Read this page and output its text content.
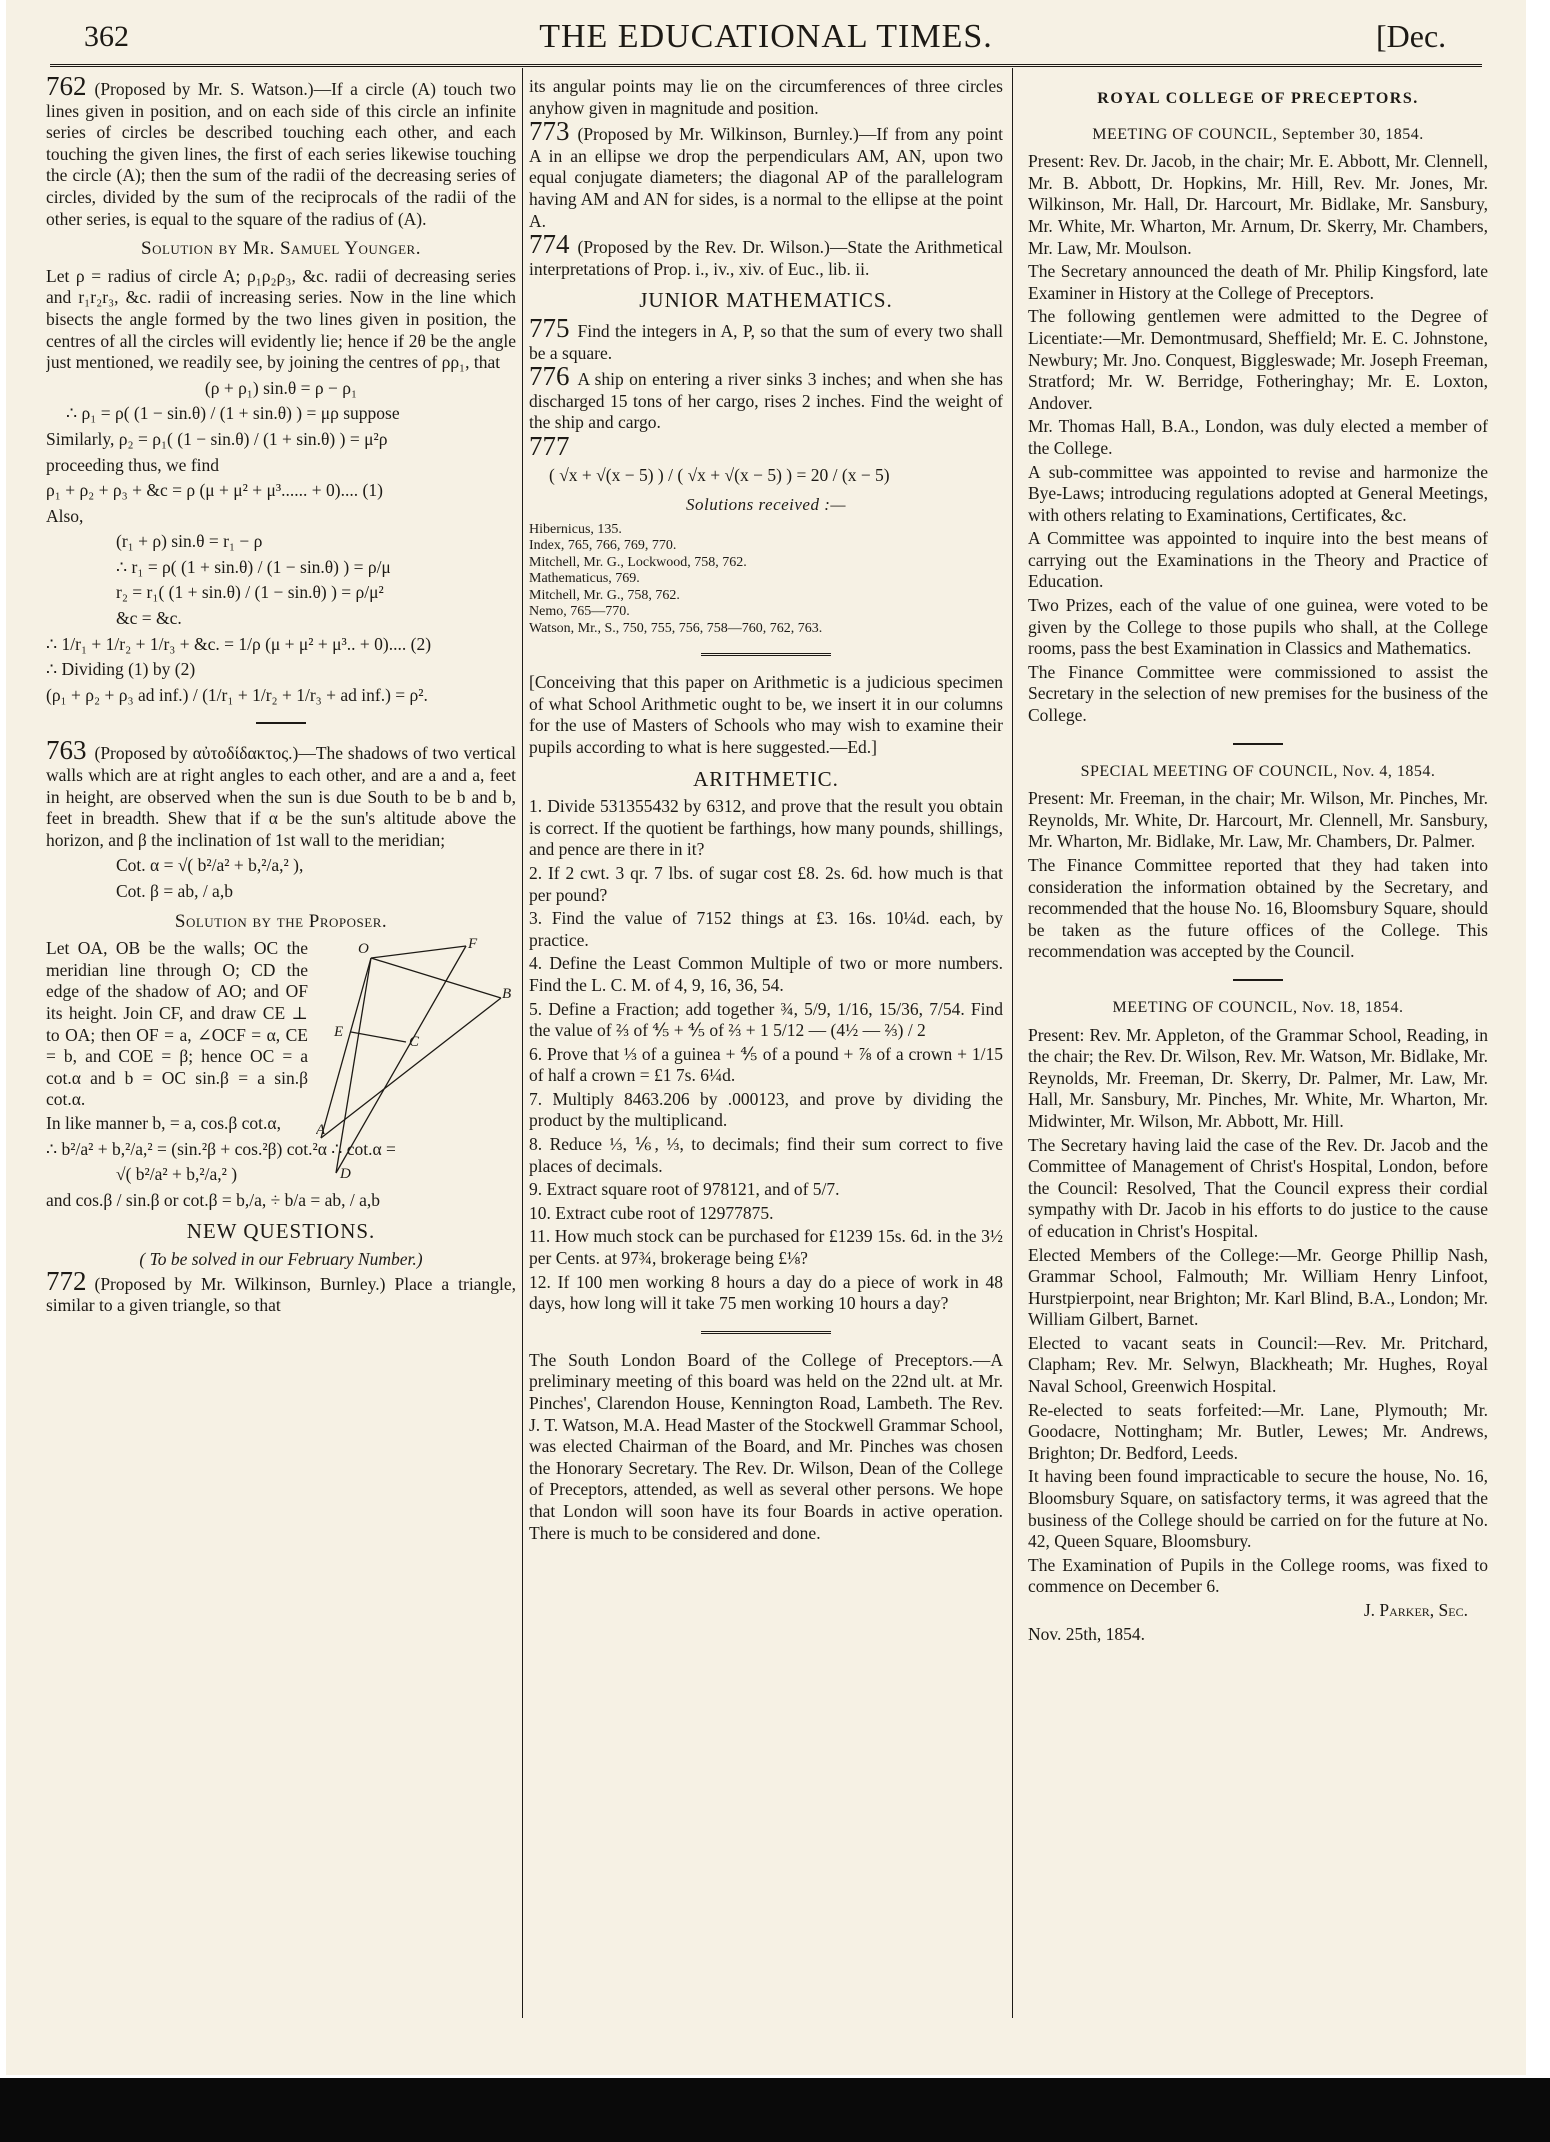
362	THE EDUCATIONAL TIMES.	[Dec.

762 (Proposed by Mr. S. Watson.)—If a circle (A) touch two lines given in position, and on each side of this circle an infinite series of circles be described touching each other, and each touching the given lines, the first of each series likewise touching the circle (A); then the sum of the radii of the decreasing series of circles, divided by the sum of the reciprocals of the radii of the other series, is equal to the square of the radius of (A).

Solution by Mr. Samuel Younger.

Let ρ = radius of circle A; ρ₁ρ₂ρ₃, &c. radii of decreasing series and r₁r₂r₃, &c. radii of increasing series. Now in the line which bisects the angle formed by the two lines given in position, the centres of all the circles will evidently lie; hence if 2θ be the angle just mentioned, we readily see, by joining the centres of ρρ₁, that

(ρ + ρ₁) sin.θ = ρ − ρ₁
∴ ρ₁ = ρ( (1 − sin.θ) / (1 + sin.θ) ) = μρ suppose
Similarly, ρ₂ = ρ₁( (1 − sin.θ) / (1 + sin.θ) ) = μ²ρ

proceeding thus, we find

ρ₁ + ρ₂ + ρ₃ + &c = ρ (μ + μ² + μ³...... + 0).... (1)

Also,

(r₁ + ρ) sin.θ = r₁ − ρ
∴ r₁ = ρ( (1 + sin.θ) / (1 − sin.θ) ) = ρ/μ
r₂ = r₁( (1 + sin.θ) / (1 − sin.θ) ) = ρ/μ²
&c = &c.
∴ 1/r₁ + 1/r₂ + 1/r₃ + &c. = 1/ρ (μ + μ² + μ³.. + 0).... (2)
∴ Dividing (1) by (2)
(ρ₁ + ρ₂ + ρ₃ ad inf.) / (1/r₁ + 1/r₂ + 1/r₃ + ad inf.) = ρ².

763 (Proposed by αὐτοδίδακτος.)—The shadows of two vertical walls which are at right angles to each other, and are a and a, feet in height, are observed when the sun is due South to be b and b, feet in breadth. Shew that if α be the sun's altitude above the horizon, and β the inclination of 1st wall to the meridian;

Cot. α = √( b²/a² + b,²/a,² ),
Cot. β = ab, / a,b
Solution by the Proposer.
O	F
B
E
C
A
D

Let OA, OB be the walls; OC the meridian line through O; CD the edge of the shadow of AO; and OF its height. Join CF, and draw CE ⊥ to OA; then OF = a, ∠OCF = α, CE = b, and COE = β; hence OC = a cot.α and b = OC sin.β = a sin.β cot.α.

In like manner b, = a, cos.β cot.α,

∴ b²/a² + b,²/a,² = (sin.²β + cos.²β) cot.²α ∴ cot.α =
√( b²/a² + b,²/a,² )
and cos.β / sin.β or cot.β = b,/a, ÷ b/a = ab, / a,b
NEW QUESTIONS.
( To be solved in our February Number.)

772 (Proposed by Mr. Wilkinson, Burnley.) Place a triangle, similar to a given triangle, so that

its angular points may lie on the circumferences of three circles anyhow given in magnitude and position.

773 (Proposed by Mr. Wilkinson, Burnley.)—If from any point A in an ellipse we drop the perpendiculars AM, AN, upon two equal conjugate diameters; the diagonal AP of the parallelogram having AM and AN for sides, is a normal to the ellipse at the point A.

774 (Proposed by the Rev. Dr. Wilson.)—State the Arithmetical interpretations of Prop. i., iv., xiv. of Euc., lib. ii.

JUNIOR MATHEMATICS.

775 Find the integers in A, P, so that the sum of every two shall be a square.

776 A ship on entering a river sinks 3 inches; and when she has discharged 15 tons of her cargo, rises 2 inches. Find the weight of the ship and cargo.

777

( √x + √(x − 5) ) / ( √x + √(x − 5) ) = 20 / (x − 5)
Solutions received :—
Hibernicus, 135.
Index, 765, 766, 769, 770.
Mitchell, Mr. G., Lockwood, 758, 762.
Mathematicus, 769.
Mitchell, Mr. G., 758, 762.
Nemo, 765—770.
Watson, Mr., S., 750, 755, 756, 758—760, 762, 763.

[Conceiving that this paper on Arithmetic is a judicious specimen of what School Arithmetic ought to be, we insert it in our columns for the use of Masters of Schools who may wish to examine their pupils according to what is here suggested.—Ed.]

ARITHMETIC.

1. Divide 531355432 by 6312, and prove that the result you obtain is correct. If the quotient be farthings, how many pounds, shillings, and pence are there in it?

2. If 2 cwt. 3 qr. 7 lbs. of sugar cost £8. 2s. 6d. how much is that per pound?

3. Find the value of 7152 things at £3. 16s. 10¼d. each, by practice.

4. Define the Least Common Multiple of two or more numbers. Find the L. C. M. of 4, 9, 16, 36, 54.

5. Define a Fraction; add together ¾, 5/9, 1/16, 15/36, 7/54. Find the value of ⅔ of ⅘ + ⅘ of ⅔ + 1 5/12 — (4½ — ⅔) / 2

6. Prove that ⅓ of a guinea + ⅘ of a pound + ⅞ of a crown + 1/15 of half a crown = £1 7s. 6¼d.

7. Multiply 8463.206 by .000123, and prove by dividing the product by the multiplicand.

8. Reduce ⅓, ⅙, ⅓, to decimals; find their sum correct to five places of decimals.

9. Extract square root of 978121, and of 5/7.

10. Extract cube root of 12977875.

11. How much stock can be purchased for £1239 15s. 6d. in the 3½ per Cents. at 97¾, brokerage being £⅛?

12. If 100 men working 8 hours a day do a piece of work in 48 days, how long will it take 75 men working 10 hours a day?

The South London Board of the College of Preceptors.—A preliminary meeting of this board was held on the 22nd ult. at Mr. Pinches', Clarendon House, Kennington Road, Lambeth. The Rev. J. T. Watson, M.A. Head Master of the Stockwell Grammar School, was elected Chairman of the Board, and Mr. Pinches was chosen the Honorary Secretary. The Rev. Dr. Wilson, Dean of the College of Preceptors, attended, as well as several other persons. We hope that London will soon have its four Boards in active operation. There is much to be considered and done.

ROYAL COLLEGE OF PRECEPTORS.
MEETING OF COUNCIL, September 30, 1854.

Present: Rev. Dr. Jacob, in the chair; Mr. E. Abbott, Mr. Clennell, Mr. B. Abbott, Dr. Hopkins, Mr. Hill, Rev. Mr. Jones, Mr. Wilkinson, Mr. Hall, Dr. Harcourt, Mr. Bidlake, Mr. Sansbury, Mr. White, Mr. Wharton, Mr. Arnum, Dr. Skerry, Mr. Chambers, Mr. Law, Mr. Moulson.

The Secretary announced the death of Mr. Philip Kingsford, late Examiner in History at the College of Preceptors.

The following gentlemen were admitted to the Degree of Licentiate:—Mr. Demontmusard, Sheffield; Mr. E. C. Johnstone, Newbury; Mr. Jno. Conquest, Biggleswade; Mr. Joseph Freeman, Stratford; Mr. W. Berridge, Fotheringhay; Mr. E. Loxton, Andover.

Mr. Thomas Hall, B.A., London, was duly elected a member of the College.

A sub-committee was appointed to revise and harmonize the Bye-Laws; introducing regulations adopted at General Meetings, with others relating to Examinations, Certificates, &c.

A Committee was appointed to inquire into the best means of carrying out the Examinations in the Theory and Practice of Education.

Two Prizes, each of the value of one guinea, were voted to be given by the College to those pupils who shall, at the College rooms, pass the best Examination in Classics and Mathematics.

The Finance Committee were commissioned to assist the Secretary in the selection of new premises for the business of the College.

SPECIAL MEETING OF COUNCIL, Nov. 4, 1854.

Present: Mr. Freeman, in the chair; Mr. Wilson, Mr. Pinches, Mr. Reynolds, Mr. White, Dr. Harcourt, Mr. Clennell, Mr. Sansbury, Mr. Wharton, Mr. Bidlake, Mr. Law, Mr. Chambers, Dr. Palmer.

The Finance Committee reported that they had taken into consideration the information obtained by the Secretary, and recommended that the house No. 16, Bloomsbury Square, should be taken as the future offices of the College. This recommendation was accepted by the Council.

MEETING OF COUNCIL, Nov. 18, 1854.

Present: Rev. Mr. Appleton, of the Grammar School, Reading, in the chair; the Rev. Dr. Wilson, Rev. Mr. Watson, Mr. Bidlake, Mr. Reynolds, Mr. Freeman, Dr. Skerry, Dr. Palmer, Mr. Law, Mr. Hall, Mr. Sansbury, Mr. Pinches, Mr. White, Mr. Wharton, Mr. Midwinter, Mr. Wilson, Mr. Abbott, Mr. Hill.

The Secretary having laid the case of the Rev. Dr. Jacob and the Committee of Management of Christ's Hospital, London, before the Council: Resolved, That the Council express their cordial sympathy with Dr. Jacob in his efforts to do justice to the cause of education in Christ's Hospital.

Elected Members of the College:—Mr. George Phillip Nash, Grammar School, Falmouth; Mr. William Henry Linfoot, Hurstpierpoint, near Brighton; Mr. Karl Blind, B.A., London; Mr. William Gilbert, Barnet.

Elected to vacant seats in Council:—Rev. Mr. Pritchard, Clapham; Rev. Mr. Selwyn, Blackheath; Mr. Hughes, Royal Naval School, Greenwich Hospital.

Re-elected to seats forfeited:—Mr. Lane, Plymouth; Mr. Goodacre, Nottingham; Mr. Butler, Lewes; Mr. Andrews, Brighton; Dr. Bedford, Leeds.

It having been found impracticable to secure the house, No. 16, Bloomsbury Square, on satisfactory terms, it was agreed that the business of the College should be carried on for the future at No. 42, Queen Square, Bloomsbury.

The Examination of Pupils in the College rooms, was fixed to commence on December 6.

J. Parker, Sec.

Nov. 25th, 1854.
